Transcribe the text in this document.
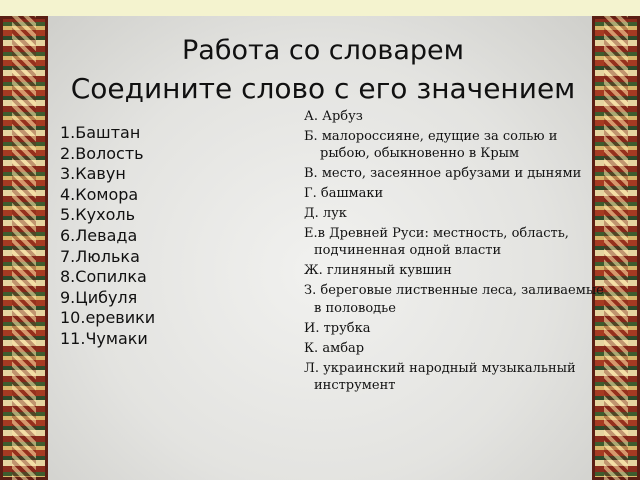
Работа со словарем
Соедините слово с его значением
1.Баштан
2.Волость
3.Кавун
4.Комора
5.Кухоль
6.Левада
7.Люлька
8.Сопилка
9.Цибуля
10.еревики
11.Чумаки
А. Арбуз
Б. малороссияне, едущие за солью и рыбою, обыкновенно в Крым
В. место, засеянное арбузами и дынями
Г. башмаки
Д. лук
Е.в Древней Руси: местность, область, подчиненная одной власти
Ж. глиняный кувшин
З. береговые лиственные леса, заливаемые в половодье
И. трубка
К. амбар
Л. украинский народный музыкальный инструмент
